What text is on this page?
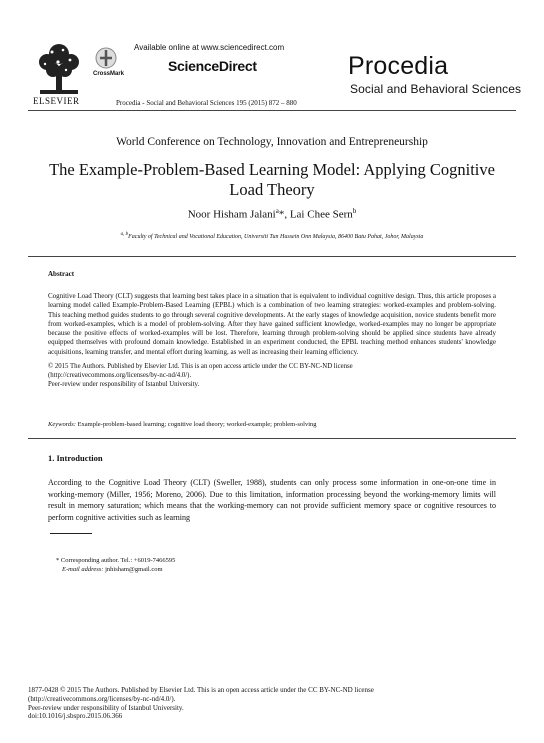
ELSEVIER
CrossMark
Available online at www.sciencedirect.com
ScienceDirect	Procedia
Social and Behavioral Sciences
Procedia - Social and Behavioral Sciences 195 (2015) 872 – 880
World Conference on Technology, Innovation and Entrepreneurship
The Example-Problem-Based Learning Model: Applying Cognitive
Load Theory
Noor Hisham Jalani$^a$*, Lai Chee Sern$^b$
$^{a, b}$Faculty of Technical and Vocational Education, Universiti Tun Hussein Onn Malaysia, 86400 Batu Pahat, Johor, Malaysia
Abstract
Cognitive Load Theory (CLT) suggests that learning best takes place in a situation that is equivalent to individual cognitive design. Thus, this article proposes a learning model called Example-Problem-Based Learning (EPBL) which is a combination of two learning strategies: worked-examples and problem-solving. This teaching method guides students to go through several cognitive developments. At the early stages of knowledge acquisition, novice students benefit more from worked-examples, which is a model of problem-solving. After they have gained sufficient knowledge, worked-examples may no longer be appropriate because the positive effects of worked-examples will be lost. Therefore, learning through problem-solving should be applied since students have already equipped themselves with profound domain knowledge. Established in an experiment conducted, the EPBL teaching method enhances students' knowledge acquisitions, learning transfer, and mental effort during learning, as well as increasing their learning efficiency.
© 2015 The Authors. Published by Elsevier Ltd. This is an open access article under the CC BY-NC-ND license
(http://creativecommons.org/licenses/by-nc-nd/4.0/).
Peer-review under responsibility of Istanbul University.
Keywords: Example-problem-based learning; cognitive load theory; worked-example; problem-solving
1. Introduction
According to the Cognitive Load Theory (CLT) (Sweller, 1988), students can only process some information in one-on-one time in working-memory (Miller, 1956; Moreno, 2006). Due to this limitation, information processing beyond the working-memory limits will result in memory saturation; which means that the working-memory can not provide sufficient memory space or cognitive resources to perform cognitive activities such as learning
* Corresponding author. Tel.: +6019-7466595
E-mail address: jnhisham@gmail.com
1877-0428 © 2015 The Authors. Published by Elsevier Ltd. This is an open access article under the CC BY-NC-ND license
(http://creativecommons.org/licenses/by-nc-nd/4.0/).
Peer-review under responsibility of Istanbul University.
doi:10.1016/j.sbspro.2015.06.366
